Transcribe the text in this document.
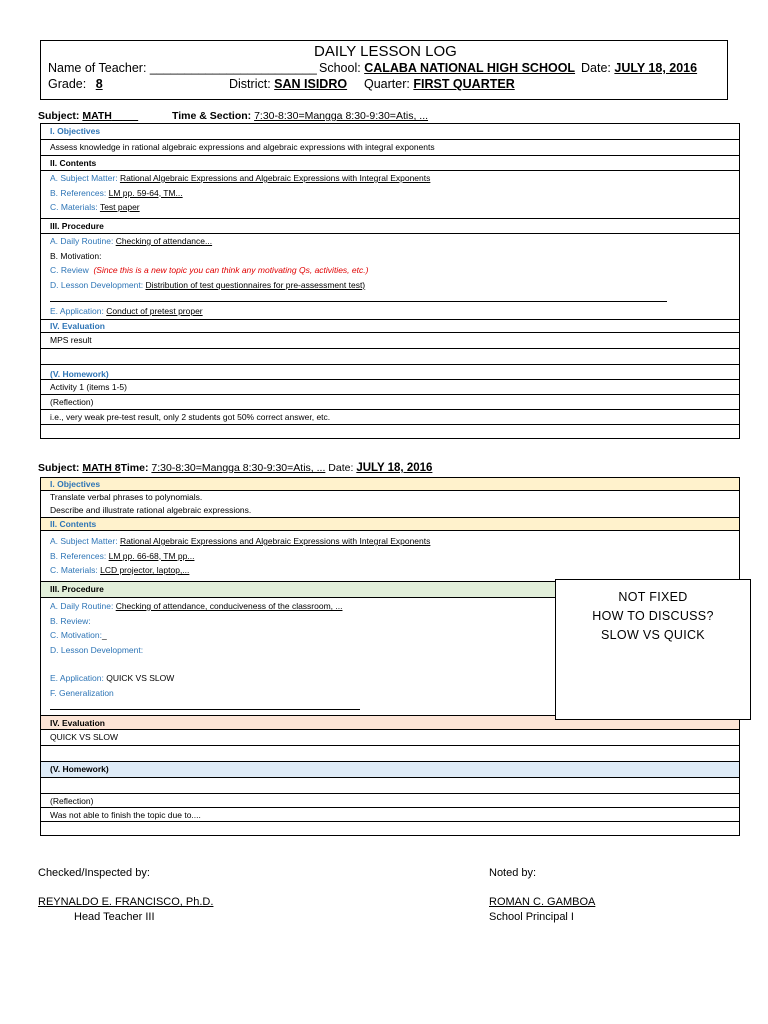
DAILY LESSON LOG
Name of Teacher: ________________________ School: CALABA NATIONAL HIGH SCHOOL Date: JULY 18, 2016
Grade: 8	District: SAN ISIDRO Quarter: FIRST QUARTER
Subject: MATH	Time & Section: 7:30-8:30=Mangga 8:30-9:30=Atis, ...
I. Objectives
Assess knowledge in rational algebraic expressions and algebraic expressions with integral exponents
II. Contents
A. Subject Matter: Rational Algebraic Expressions and Algebraic Expressions with Integral Exponents
B. References: LM pp. 59-64, TM...
C. Materials: Test paper
III. Procedure
A. Daily Routine: Checking of attendance...
B. Motivation:
C. Review (Since this is a new topic you can think any motivating Qs, activities, etc.)
D. Lesson Development: Distribution of test questionnaires for pre-assessment test)
E. Application: Conduct of pretest proper
IV. Evaluation
MPS result
(V. Homework)
Activity 1 (items 1-5)
(Reflection)
i.e., very weak pre-test result, only 2 students got 50% correct answer, etc.
Subject: MATH 8Time: 7:30-8:30=Mangga 8:30-9:30=Atis, ... Date: JULY 18, 2016
I. Objectives
Translate verbal phrases to polynomials.
Describe and illustrate rational algebraic expressions.
II. Contents
A. Subject Matter: Rational Algebraic Expressions and Algebraic Expressions with Integral Exponents
B. References: LM pp. 66-68, TM pp...
C. Materials: LCD projector, laptop,...
III. Procedure
A. Daily Routine: Checking of attendance, conduciveness of the classroom, ...
B. Review:
C. Motivation:_
D. Lesson Development:
E. Application: QUICK VS SLOW
F. Generalization
IV. Evaluation
QUICK VS SLOW
(V. Homework)
(Reflection)
Was not able to finish the topic due to....
NOT FIXED
HOW TO DISCUSS?
SLOW VS QUICK
Checked/Inspected by:
REYNALDO E. FRANCISCO, Ph.D.
Head Teacher III
Noted by:
ROMAN C. GAMBOA
School Principal I
